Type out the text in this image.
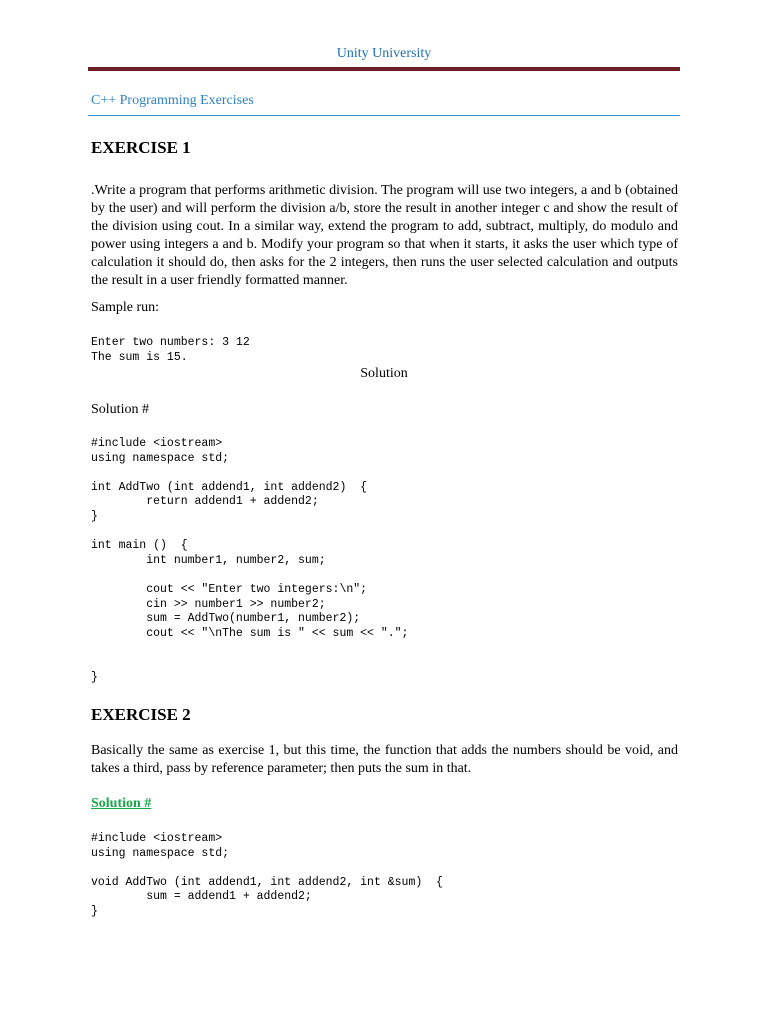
Unity University
C++ Programming Exercises
EXERCISE 1
.Write a program that performs arithmetic division. The program will use two integers, a and b (obtained by the user) and will perform the division a/b, store the result in another integer c and show the result of the division using cout. In a similar way, extend the program to add, subtract, multiply, do modulo and power using integers a and b. Modify your program so that when it starts, it asks the user which type of calculation it should do, then asks for the 2 integers, then runs the user selected calculation and outputs the result in a user friendly formatted manner.
Sample run:
Enter two numbers: 3 12
The sum is 15.
Solution
Solution #
#include <iostream>
using namespace std;

int AddTwo (int addend1, int addend2)  {
return addend1 + addend2;
}

int main ()  {
int number1, number2, sum;

cout << "Enter two integers:\n";
cin >> number1 >> number2;
sum = AddTwo(number1, number2);
cout << "\nThe sum is " << sum << ".";

}
EXERCISE 2
Basically the same as exercise 1, but this time, the function that adds the numbers should be void, and takes a third, pass by reference parameter; then puts the sum in that.
Solution #
#include <iostream>
using namespace std;

void AddTwo (int addend1, int addend2, int &sum)  {
sum = addend1 + addend2;
}
